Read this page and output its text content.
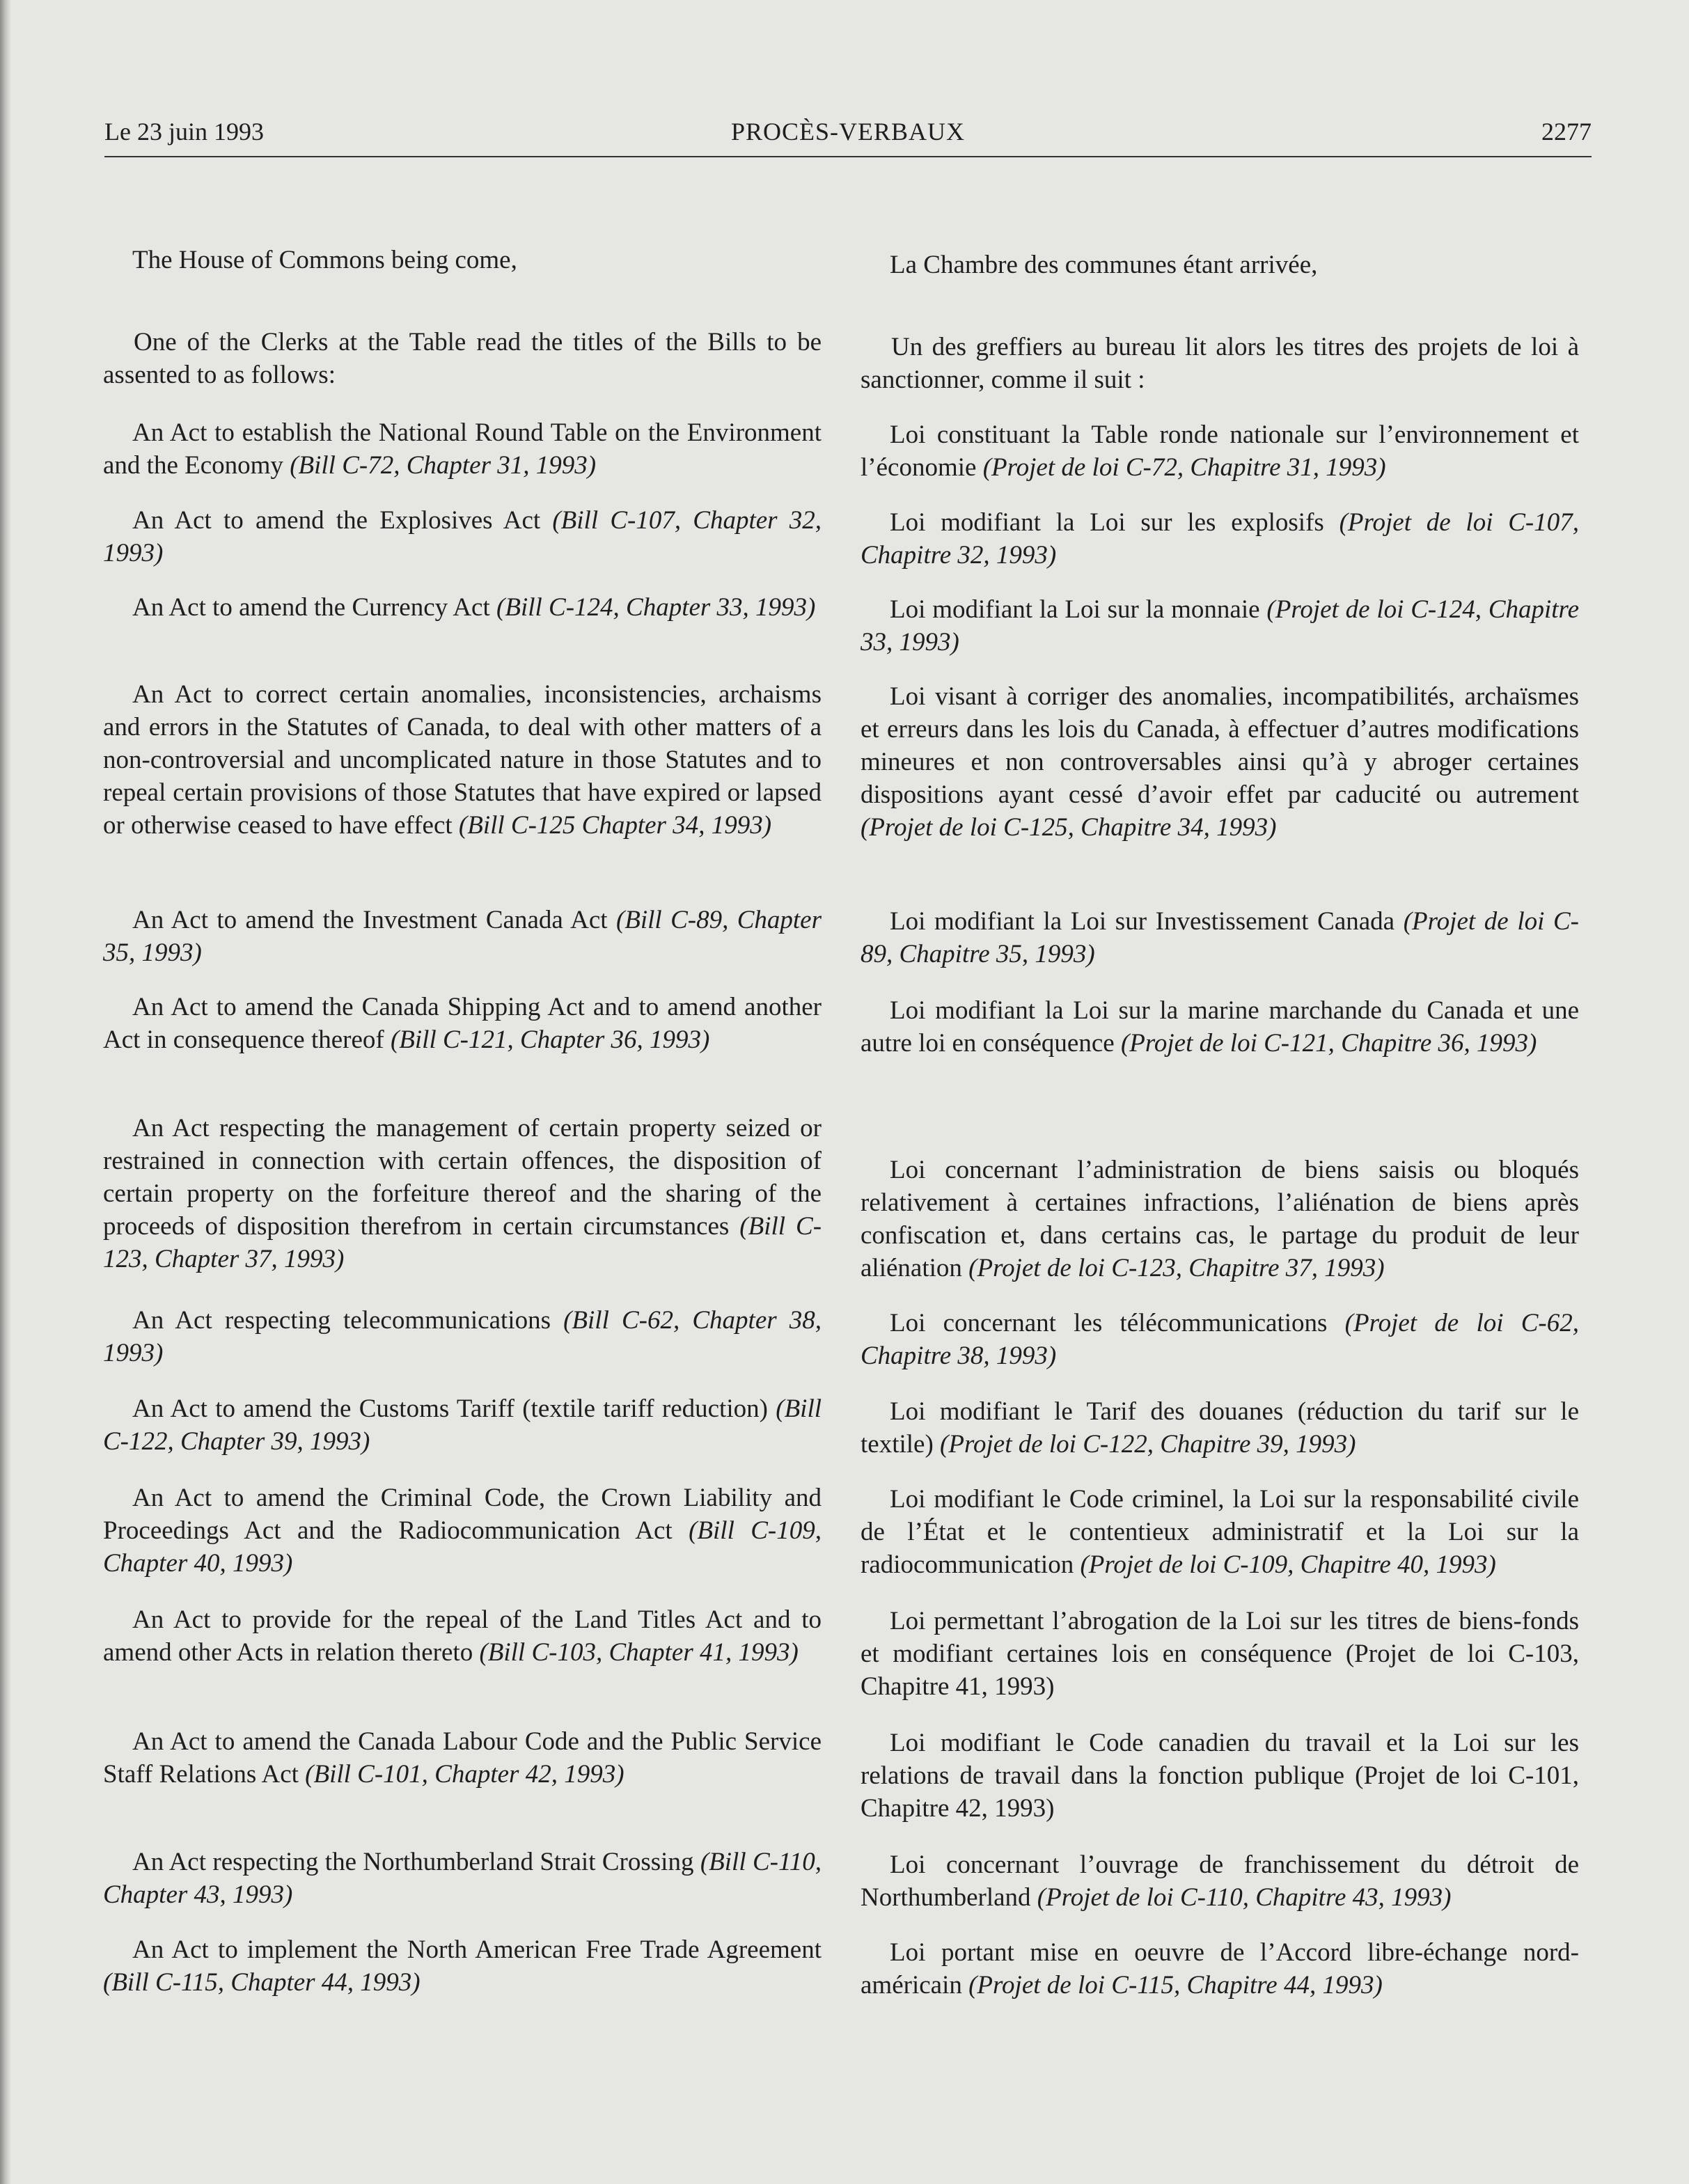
Le 23 juin 1993	PROCÈS-VERBAUX	2277

The House of Commons being come,

One of the Clerks at the Table read the titles of the Bills to be assented to as follows:

An Act to establish the National Round Table on the Environment and the Economy (Bill C-72, Chapter 31, 1993)

An Act to amend the Explosives Act (Bill C-107, Chapter 32, 1993)

An Act to amend the Currency Act (Bill C-124, Chapter 33, 1993)

An Act to correct certain anomalies, inconsistencies, archaisms and errors in the Statutes of Canada, to deal with other matters of a non-controversial and uncomplicated nature in those Statutes and to repeal certain provisions of those Statutes that have expired or lapsed or otherwise ceased to have effect (Bill C-125 Chapter 34, 1993)

An Act to amend the Investment Canada Act (Bill C-89, Chapter 35, 1993)

An Act to amend the Canada Shipping Act and to amend another Act in consequence thereof (Bill C-121, Chapter 36, 1993)

An Act respecting the management of certain property seized or restrained in connection with certain offences, the disposition of certain property on the forfeiture thereof and the sharing of the proceeds of disposition therefrom in certain circumstances (Bill C-123, Chapter 37, 1993)

An Act respecting telecommunications (Bill C-62, Chapter 38, 1993)

An Act to amend the Customs Tariff (textile tariff reduction) (Bill C-122, Chapter 39, 1993)

An Act to amend the Criminal Code, the Crown Liability and Proceedings Act and the Radiocommunication Act (Bill C-109, Chapter 40, 1993)

An Act to provide for the repeal of the Land Titles Act and to amend other Acts in relation thereto (Bill C-103, Chapter 41, 1993)

An Act to amend the Canada Labour Code and the Public Service Staff Relations Act (Bill C-101, Chapter 42, 1993)

An Act respecting the Northumberland Strait Crossing (Bill C-110, Chapter 43, 1993)

An Act to implement the North American Free Trade Agreement (Bill C-115, Chapter 44, 1993)

La Chambre des communes étant arrivée,

Un des greffiers au bureau lit alors les titres des projets de loi à sanctionner, comme il suit :

Loi constituant la Table ronde nationale sur l’environnement et l’économie (Projet de loi C-72, Chapitre 31, 1993)

Loi modifiant la Loi sur les explosifs (Projet de loi C-107, Chapitre 32, 1993)

Loi modifiant la Loi sur la monnaie (Projet de loi C-124, Chapitre 33, 1993)

Loi visant à corriger des anomalies, incompatibilités, archaïsmes et erreurs dans les lois du Canada, à effectuer d’autres modifications mineures et non controversables ainsi qu’à y abroger certaines dispositions ayant cessé d’avoir effet par caducité ou autrement (Projet de loi C-125, Chapitre 34, 1993)

Loi modifiant la Loi sur Investissement Canada (Projet de loi C-89, Chapitre 35, 1993)

Loi modifiant la Loi sur la marine marchande du Canada et une autre loi en conséquence (Projet de loi C-121, Chapitre 36, 1993)

Loi concernant l’administration de biens saisis ou bloqués relativement à certaines infractions, l’aliénation de biens après confiscation et, dans certains cas, le partage du produit de leur aliénation (Projet de loi C-123, Chapitre 37, 1993)

Loi concernant les télécommunications (Projet de loi C-62, Chapitre 38, 1993)

Loi modifiant le Tarif des douanes (réduction du tarif sur le textile) (Projet de loi C-122, Chapitre 39, 1993)

Loi modifiant le Code criminel, la Loi sur la responsabilité civile de l’État et le contentieux administratif et la Loi sur la radiocommunication (Projet de loi C-109, Chapitre 40, 1993)

Loi permettant l’abrogation de la Loi sur les titres de biens-fonds et modifiant certaines lois en conséquence (Projet de loi C-103, Chapitre 41, 1993)

Loi modifiant le Code canadien du travail et la Loi sur les relations de travail dans la fonction publique (Projet de loi C-101, Chapitre 42, 1993)

Loi concernant l’ouvrage de franchissement du détroit de Northumberland (Projet de loi C-110, Chapitre 43, 1993)

Loi portant mise en oeuvre de l’Accord libre-échange nord-américain (Projet de loi C-115, Chapitre 44, 1993)
